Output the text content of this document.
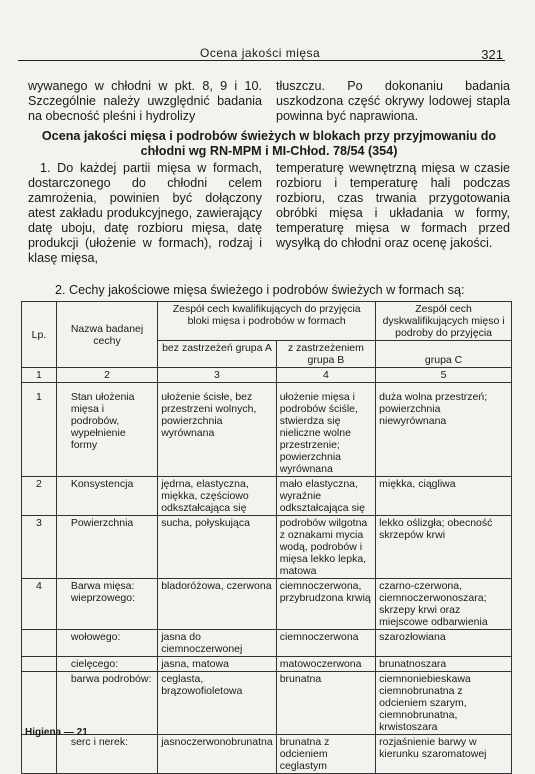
Ocena jakości mięsa	321

wywanego w chłodni w pkt. 8, 9 i 10. Szczególnie należy uwzględnić badania na obecność pleśni i hydrolizy

tłuszczu. Po dokonaniu badania uszkodzona część okrywy lodowej stapla powinna być naprawiona.

Ocena jakości mięsa i podrobów świeżych w blokach przy przyjmowaniu do chłodni wg RN-MPM i MI-Chłod. 78/54 (354)

1. Do każdej partii mięsa w formach, dostarczonego do chłodni celem zamrożenia, powinien być dołączony atest zakładu produkcyjnego, zawierający datę uboju, datę rozbioru mięsa, datę produkcji (ułożenie w formach), rodzaj i klasę mięsa,

temperaturę wewnętrzną mięsa w czasie rozbioru i temperaturę hali podczas rozbioru, czas trwania przygotowania obróbki mięsa i układania w formy, temperaturę mięsa w formach przed wysyłką do chłodni oraz ocenę jakości.

2. Cechy jakościowe mięsa świeżego i podrobów świeżych w formach są:
Lp.	Nazwa badanej cechy	Zespół cech kwalifikujących do przyjęcia bloki mięsa i podrobów w formach		Zespół cech dyskwalifikujących mięso i podroby do przyjęcia
		bez zastrzeżeń grupa A	z zastrzeżeniem grupa B	grupa C
1	2	3	4	5
1	Stan ułożenia mięsa i podrobów, wypełnienie formy	ułożenie ścisłe, bez przestrzeni wolnych, powierzchnia wyrównana	ułożenie mięsa i podrobów ściśle, stwierdza się nieliczne wolne przestrzenie; powierzchnia wyrównana	duża wolna przestrzeń; powierzchnia niewyrównana
2	Konsystencja	jędrna, elastyczna, miękka, częściowo odkształcająca się	mało elastyczna, wyraźnie odkształcająca się	miękka, ciągliwa
3	Powierzchnia	sucha, połyskująca	podrobów wilgotna z oznakami mycia wodą, podrobów i mięsa lekko lepka, matowa	lekko oślizgła; obecność skrzepów krwi
4	Barwa mięsa: wieprzowego:	bladoróżowa, czerwona	ciemnoczerwona, przybrudzona krwią	czarno-czerwona, ciemnoczerwonoszara; skrzepy krwi oraz miejscowe odbarwienia
	wołowego:	jasna do ciemnoczerwonej	ciemnoczerwona	szarozłowiana
	cielęcego:	jasna, matowa	matowoczerwona	brunatnoszara
	barwa podrobów:	ceglasta, brązowofioletowa	brunatna	ciemnoniebieskawa ciemnobrunatna z odcieniem szarym, ciemnobrunatna, krwistoszara
	serc i nerek:	jasnoczerwonobrunatna	brunatna z odcieniem ceglastym	rozjaśnienie barwy w kierunku szaromatowej
Higiena — 21
